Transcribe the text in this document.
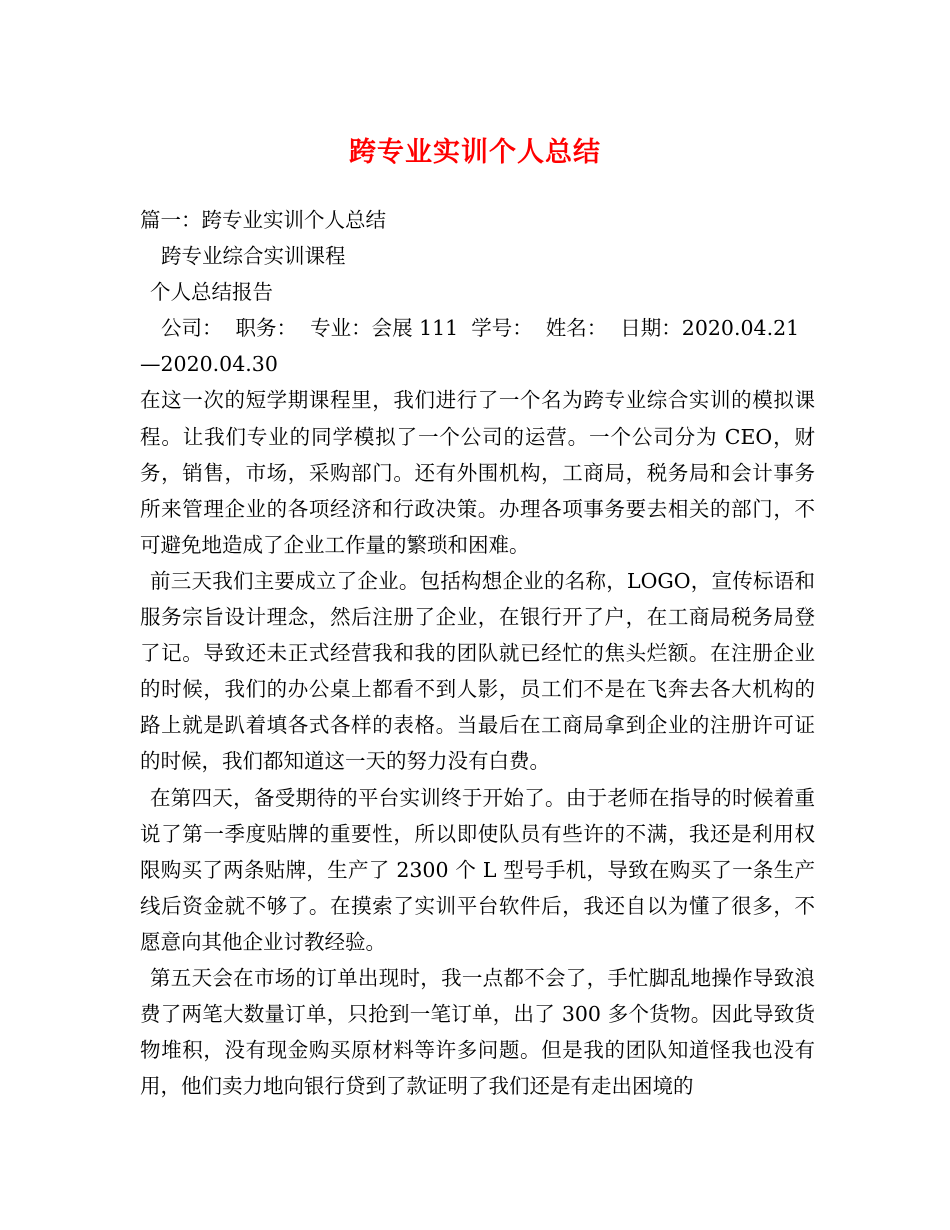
跨专业实训个人总结
篇一：跨专业实训个人总结
跨专业综合实训课程
个人总结报告
公司：  职务：  专业：会展 111  学号：  姓名：  日期：2020.04.21
—2020.04.30
在这一次的短学期课程里，我们进行了一个名为跨专业综合实训的模拟课程。让我们专业的同学模拟了一个公司的运营。一个公司分为 CEO，财务，销售，市场，采购部门。还有外围机构，工商局，税务局和会计事务所来管理企业的各项经济和行政决策。办理各项事务要去相关的部门，不可避免地造成了企业工作量的繁琐和困难。
前三天我们主要成立了企业。包括构想企业的名称，LOGO，宣传标语和服务宗旨设计理念，然后注册了企业，在银行开了户，在工商局税务局登了记。导致还未正式经营我和我的团队就已经忙的焦头烂额。在注册企业的时候，我们的办公桌上都看不到人影，员工们不是在飞奔去各大机构的路上就是趴着填各式各样的表格。当最后在工商局拿到企业的注册许可证的时候，我们都知道这一天的努力没有白费。
在第四天，备受期待的平台实训终于开始了。由于老师在指导的时候着重说了第一季度贴牌的重要性，所以即使队员有些许的不满，我还是利用权限购买了两条贴牌，生产了 2300 个 L 型号手机，导致在购买了一条生产线后资金就不够了。在摸索了实训平台软件后，我还自以为懂了很多，不愿意向其他企业讨教经验。
第五天会在市场的订单出现时，我一点都不会了，手忙脚乱地操作导致浪费了两笔大数量订单，只抢到一笔订单，出了 300 多个货物。因此导致货物堆积，没有现金购买原材料等许多问题。但是我的团队知道怪我也没有用，他们卖力地向银行贷到了款证明了我们还是有走出困境的
